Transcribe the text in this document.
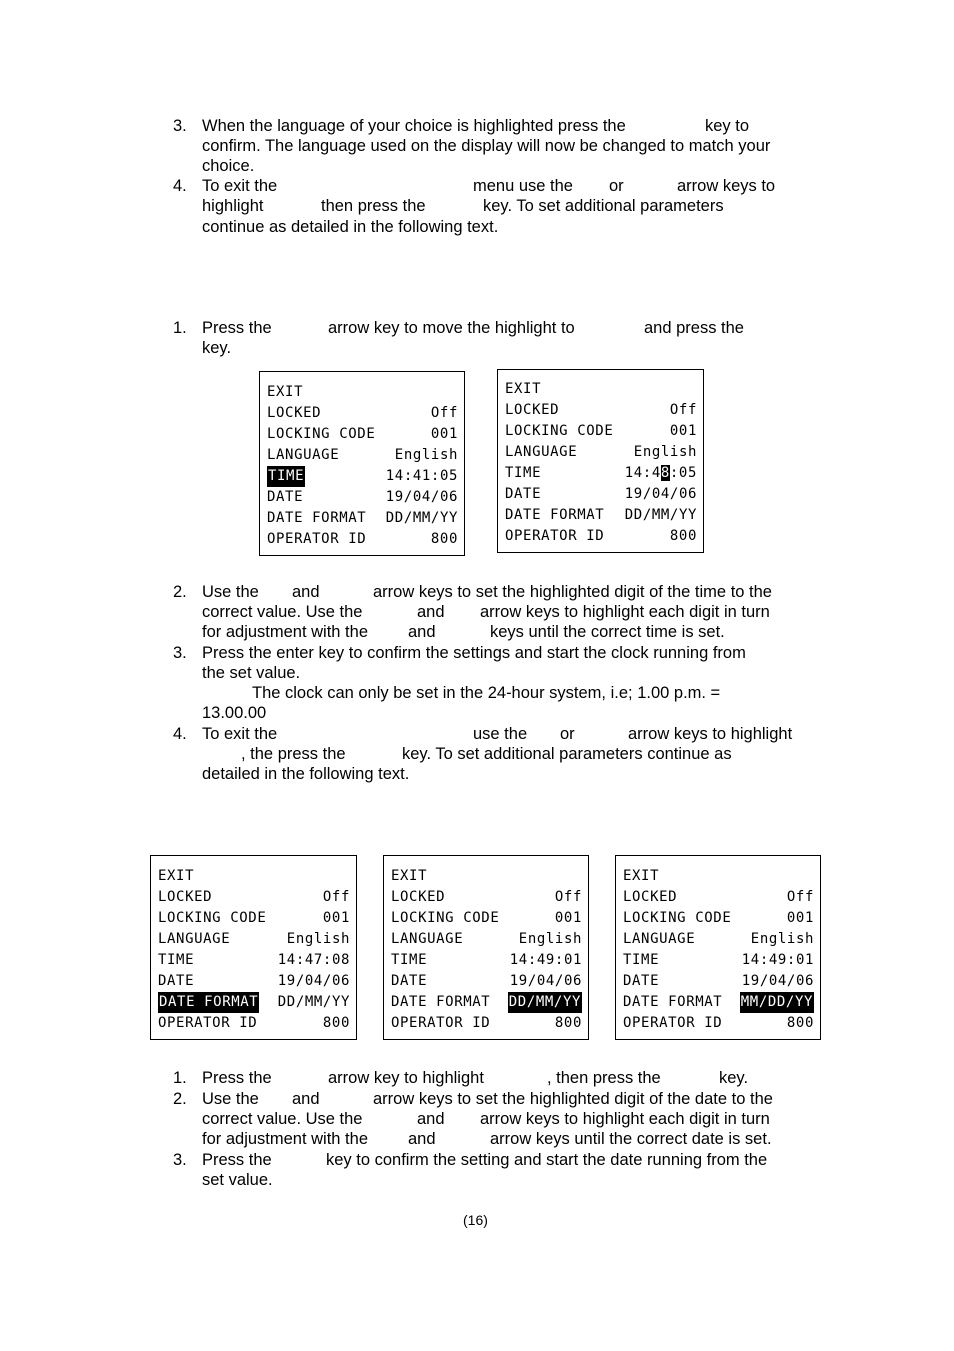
3. When the language of your choice is highlighted press the	key to
confirm. The language used on the display will now be changed to match your
choice.
4. To exit the	menu use the or	arrow keys to
highlight	then press the	key. To set additional parameters
continue as detailed in the following text.
1. Press the	arrow key to move the highlight to	and press the
key.
EXIT
LOCKED	Off
LOCKING CODE	001
LANGUAGE	English
TIME	14:41:05
DATE	19/04/06
DATE FORMAT DD/MM/YY
OPERATOR ID	800
EXIT
LOCKED	Off
LOCKING CODE	001
LANGUAGE	English
TIME	14:48:05
DATE	19/04/06
DATE FORMAT DD/MM/YY
OPERATOR ID	800
2. Use the and	arrow keys to set the highlighted digit of the time to the
correct value. Use the	and arrow keys to highlight each digit in turn
for adjustment with the and	keys until the correct time is set.
3. Press the enter key to confirm the settings and start the clock running from
the set value.
The clock can only be set in the 24-hour system, i.e; 1.00 p.m. =
13.00.00
4. To exit the	use the or	arrow keys to highlight
, the press the	key. To set additional parameters continue as
detailed in the following text.
EXIT
LOCKED	Off
LOCKING CODE	001
LANGUAGE	English
TIME	14:47:08
DATE	19/04/06
DATE FORMAT DD/MM/YY
OPERATOR ID	800
EXIT
LOCKED	Off
LOCKING CODE	001
LANGUAGE	English
TIME	14:49:01
DATE	19/04/06
DATE FORMAT DD/MM/YY
OPERATOR ID	800
EXIT
LOCKED	Off
LOCKING CODE	001
LANGUAGE	English
TIME	14:49:01
DATE	19/04/06
DATE FORMAT MM/DD/YY
OPERATOR ID	800
1. Press the	arrow key to highlight	, then press the	key.
2. Use the and	arrow keys to set the highlighted digit of the date to the
correct value. Use the	and arrow keys to highlight each digit in turn
for adjustment with the and	arrow keys until the correct date is set.
3. Press the	key to confirm the setting and start the date running from the
set value.
(16)
